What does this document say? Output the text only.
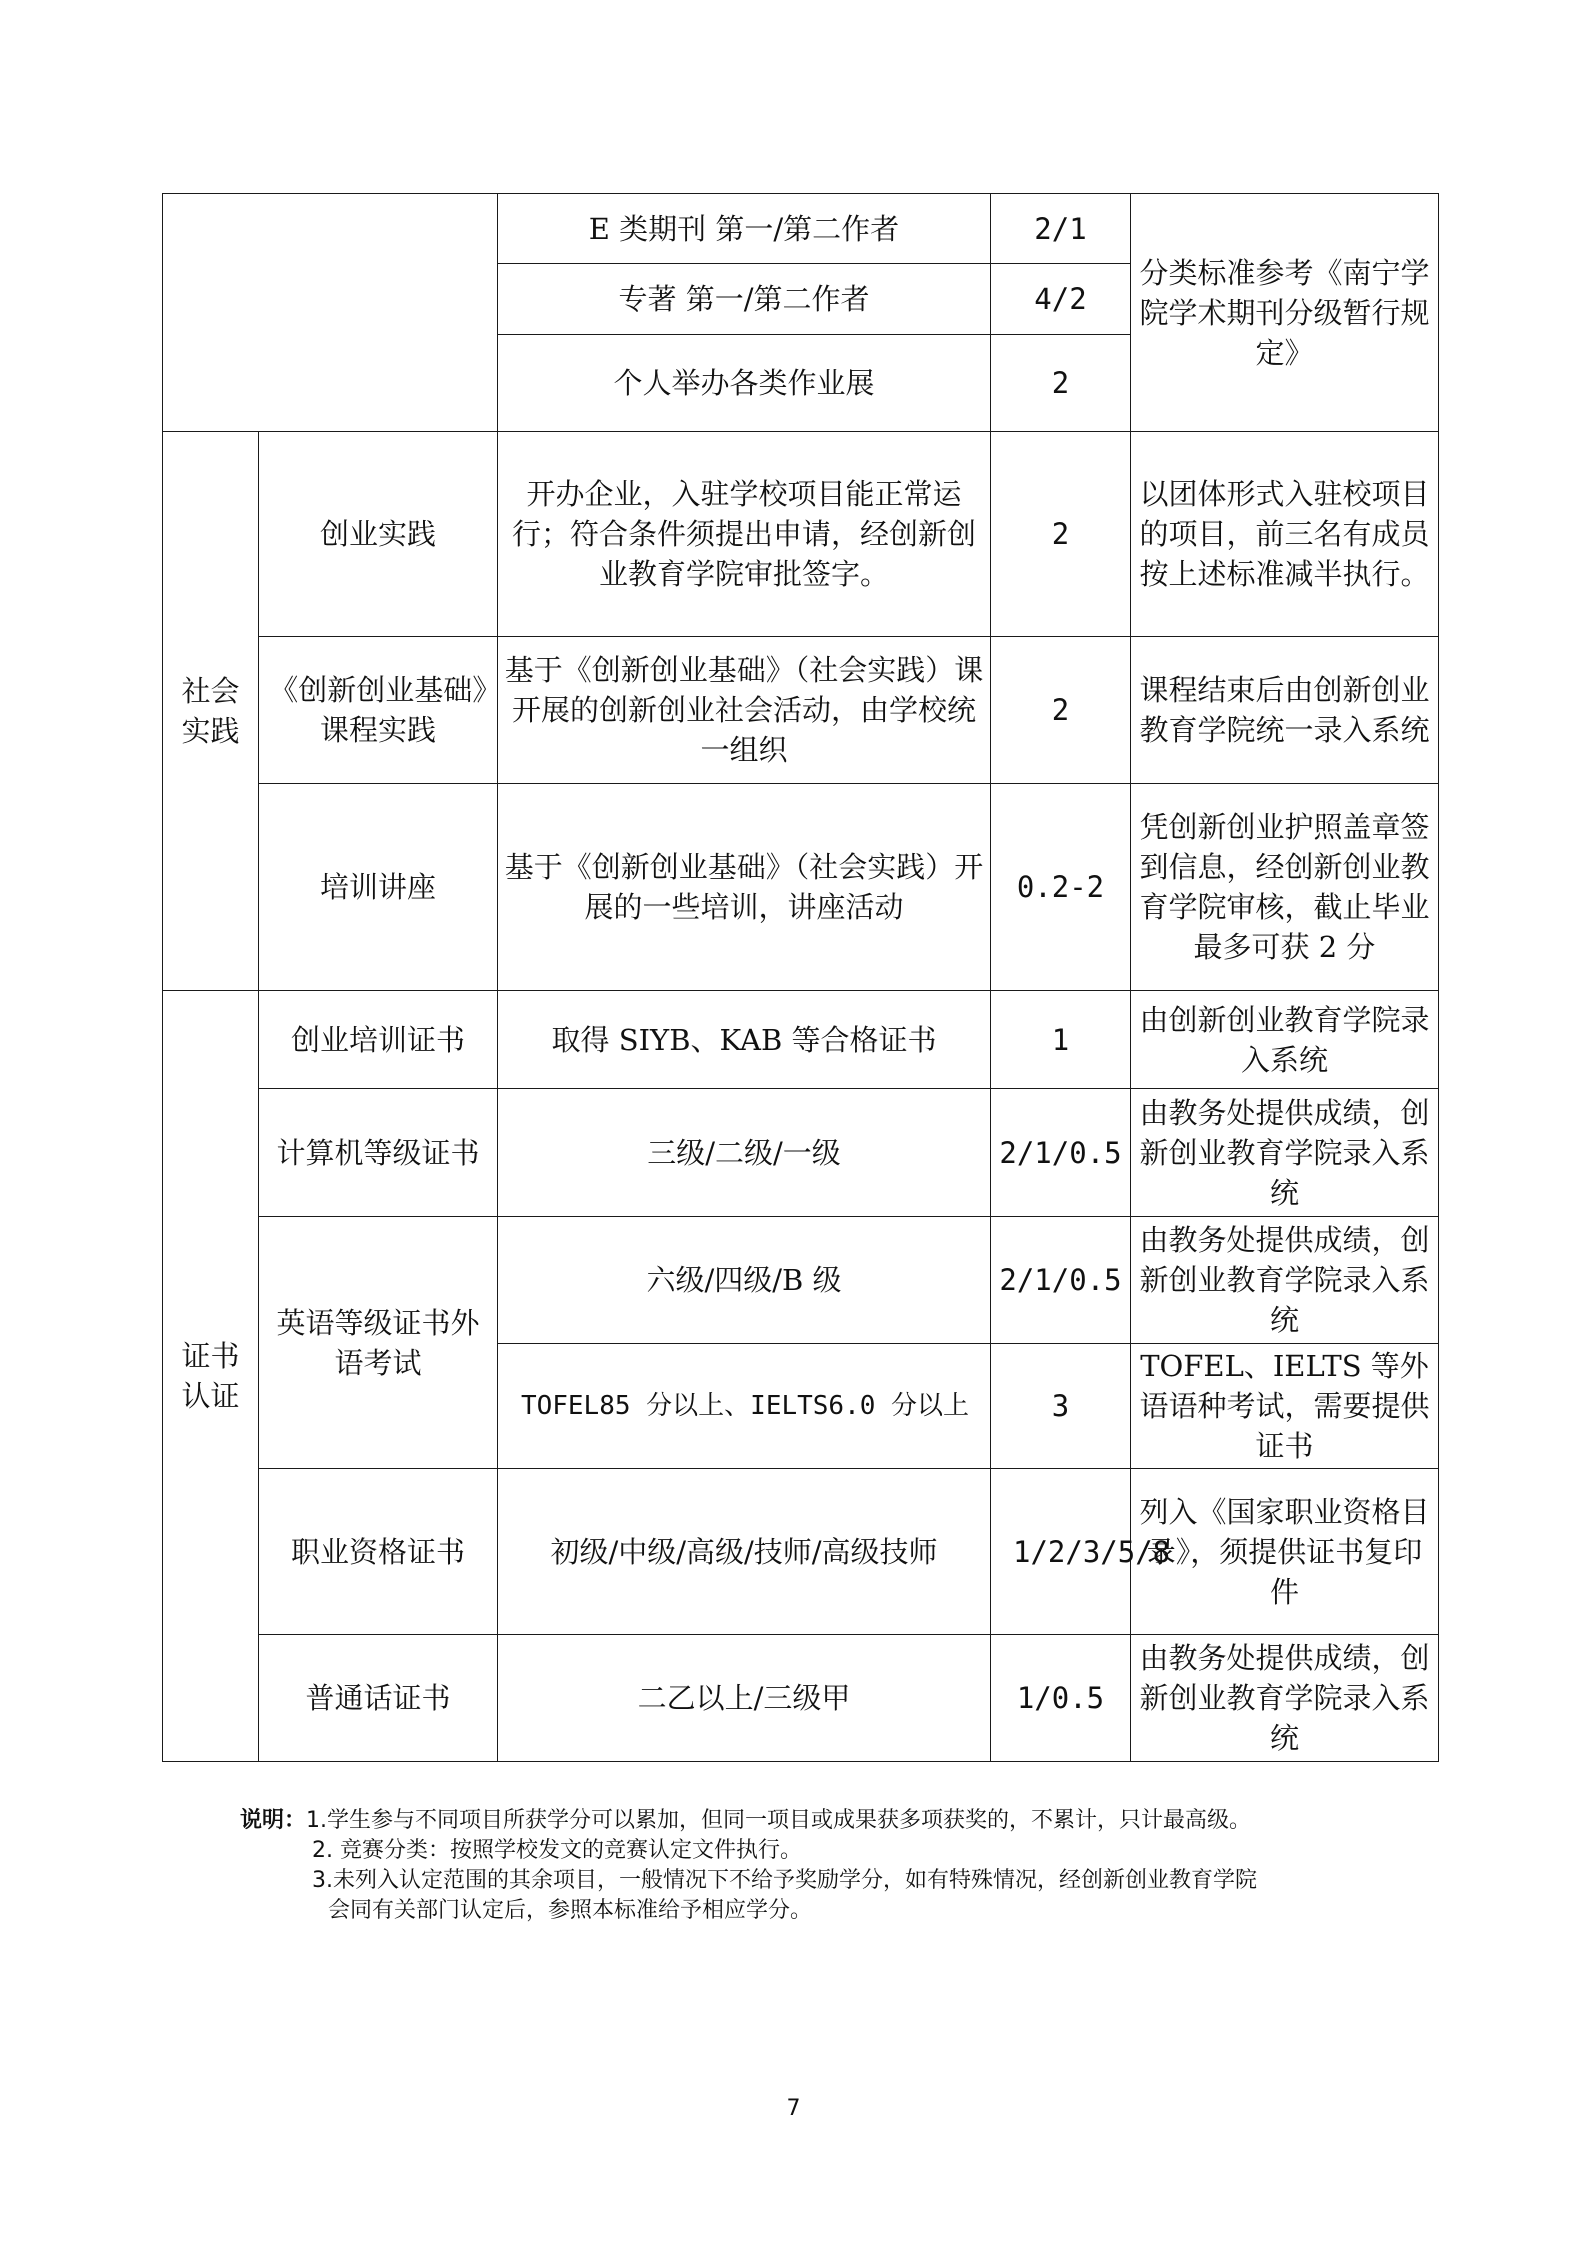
		E 类期刊 第一/第二作者	2/1	分类标准参考《南宁学院学术期刊分级暂行规定》
		专著 第一/第二作者	4/2	
		个人举办各类作业展	2	
社会实践	创业实践	开办企业，入驻学校项目能正常运行；符合条件须提出申请，经创新创业教育学院审批签字。	2	以团体形式入驻校项目的项目，前三名有成员按上述标准减半执行。
	《创新创业基础》课程实践	基于《创新创业基础》（社会实践）课开展的创新创业社会活动，由学校统一组织	2	课程结束后由创新创业教育学院统一录入系统
	培训讲座	基于《创新创业基础》（社会实践）开展的一些培训，讲座活动	0.2-2	凭创新创业护照盖章签到信息，经创新创业教育学院审核，截止毕业最多可获 2 分
证书认证	创业培训证书	取得 SIYB、KAB 等合格证书	1	由创新创业教育学院录入系统
	计算机等级证书	三级/二级/一级	2/1/0.5	由教务处提供成绩，创新创业教育学院录入系统
	英语等级证书外语考试	六级/四级/B 级	2/1/0.5	由教务处提供成绩，创新创业教育学院录入系统
		TOFEL85 分以上、IELTS6.0 分以上	3	TOFEL、IELTS 等外语语种考试，需要提供证书
	职业资格证书	初级/中级/高级/技师/高级技师	1/2/3/5/8	列入《国家职业资格目录》，须提供证书复印件
	普通话证书	二乙以上/三级甲	1/0.5	由教务处提供成绩，创新创业教育学院录入系统
说明：1.学生参与不同项目所获学分可以累加，但同一项目或成果获多项获奖的，不累计，只计最高级。
2. 竞赛分类：按照学校发文的竞赛认定文件执行。
3.未列入认定范围的其余项目，一般情况下不给予奖励学分，如有特殊情况，经创新创业教育学院
会同有关部门认定后，参照本标准给予相应学分。
7
